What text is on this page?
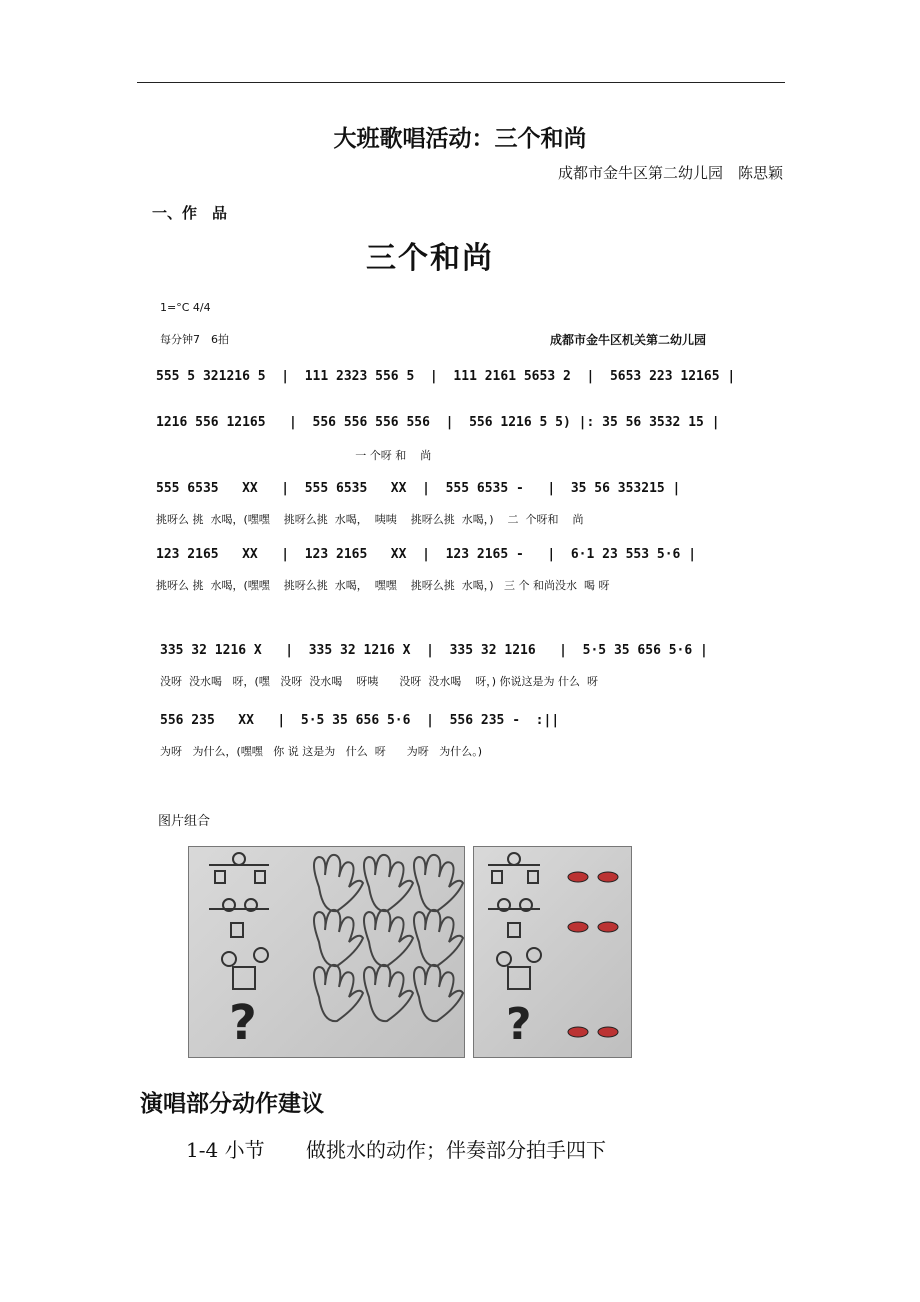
大班歌唱活动：三个和尚
成都市金牛区第二幼儿园　陈思颖
一、作　品
三个和尚
1=°C 4/4
每分钟7　6拍	成都市金牛区机关第二幼儿园
555 5 321216 5  |  111 2323 556 5  |  111 2161 5653 2  |  5653 223 12165 |
1216 556 12165   |  556 556 556 556  |  556 1216 5 5) |: 35 56 3532 15 |
一 个呀 和    尚
555 6535   XX   |  555 6535   XX  |  555 6535 -   |  35 56 353215 |
挑呀么 挑  水喝，(嘿嘿    挑呀么挑  水喝，  咦咦    挑呀么挑  水喝，)    二  个呀和    尚
123 2165   XX   |  123 2165   XX  |  123 2165 -   |  6·1 23 553 5·6 |
挑呀么 挑  水喝，(嘿嘿    挑呀么挑  水喝，  嘿嘿    挑呀么挑  水喝，)   三 个 和尚没水  喝 呀
335 32 1216 X   |  335 32 1216 X  |  335 32 1216   |  5·5 35 656 5·6 |
没呀  没水喝   呀，(嘿   没呀  没水喝    呀咦      没呀  没水喝    呀，) 你说这是为 什么  呀
556 235   XX   |  5·5 35 656 5·6  |  556 235 -  :||
为呀   为什么，(嘿嘿   你 说 这是为   什么  呀      为呀   为什么。)
图片组合
?	?
演唱部分动作建议
1-4 小节 做挑水的动作；伴奏部分拍手四下
